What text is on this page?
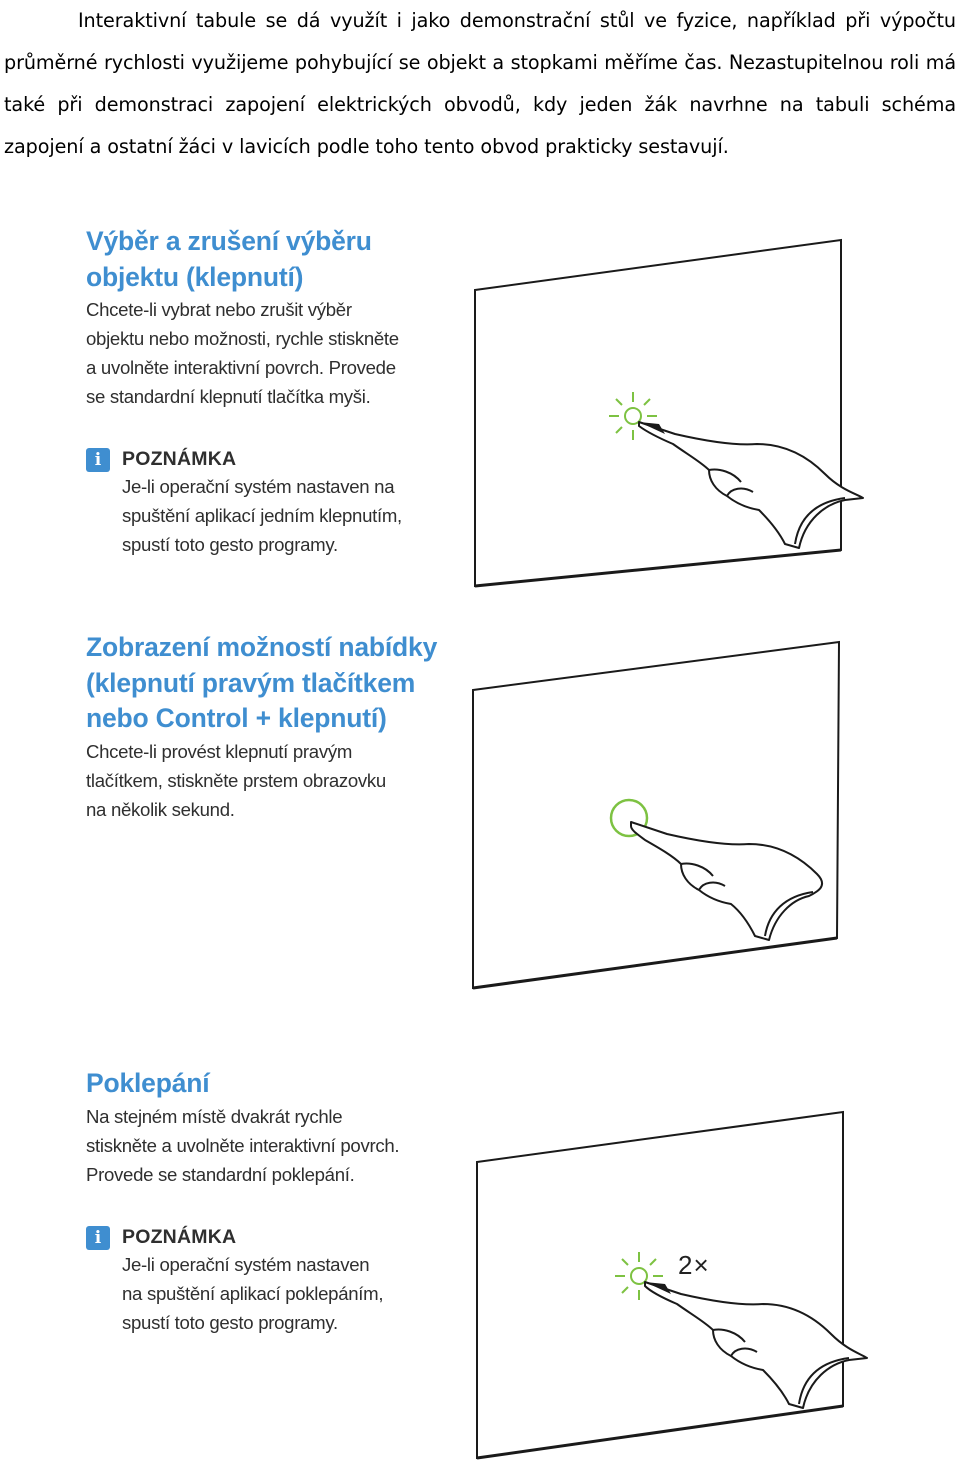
Interaktivní tabule se dá využít i jako demonstrační stůl ve fyzice, například při výpočtu průměrné rychlosti využijeme pohybující se objekt a stopkami měříme čas. Nezastupitelnou roli má také při demonstraci zapojení elektrických obvodů, kdy jeden žák navrhne na tabuli schéma zapojení a ostatní žáci v lavicích podle toho tento obvod prakticky sestavují.

Výběr a zrušení výběru
objektu (klepnutí)

Chcete-li vybrat nebo zrušit výběr
objektu nebo možnosti, rychle stiskněte
a uvolněte interaktivní povrch. Provede
se standardní klepnutí tlačítka myši.

i	POZNÁMKA

Je-li operační systém nastaven na
spuštění aplikací jedním klepnutím,
spustí toto gesto programy.

Zobrazení možností nabídky
(klepnutí pravým tlačítkem
nebo Control + klepnutí)

Chcete-li provést klepnutí pravým
tlačítkem, stiskněte prstem obrazovku
na několik sekund.

Poklepání

Na stejném místě dvakrát rychle
stiskněte a uvolněte interaktivní povrch.
Provede se standardní poklepání.

i	POZNÁMKA

Je-li operační systém nastaven
na spuštění aplikací poklepáním,
spustí toto gesto programy.

2×
